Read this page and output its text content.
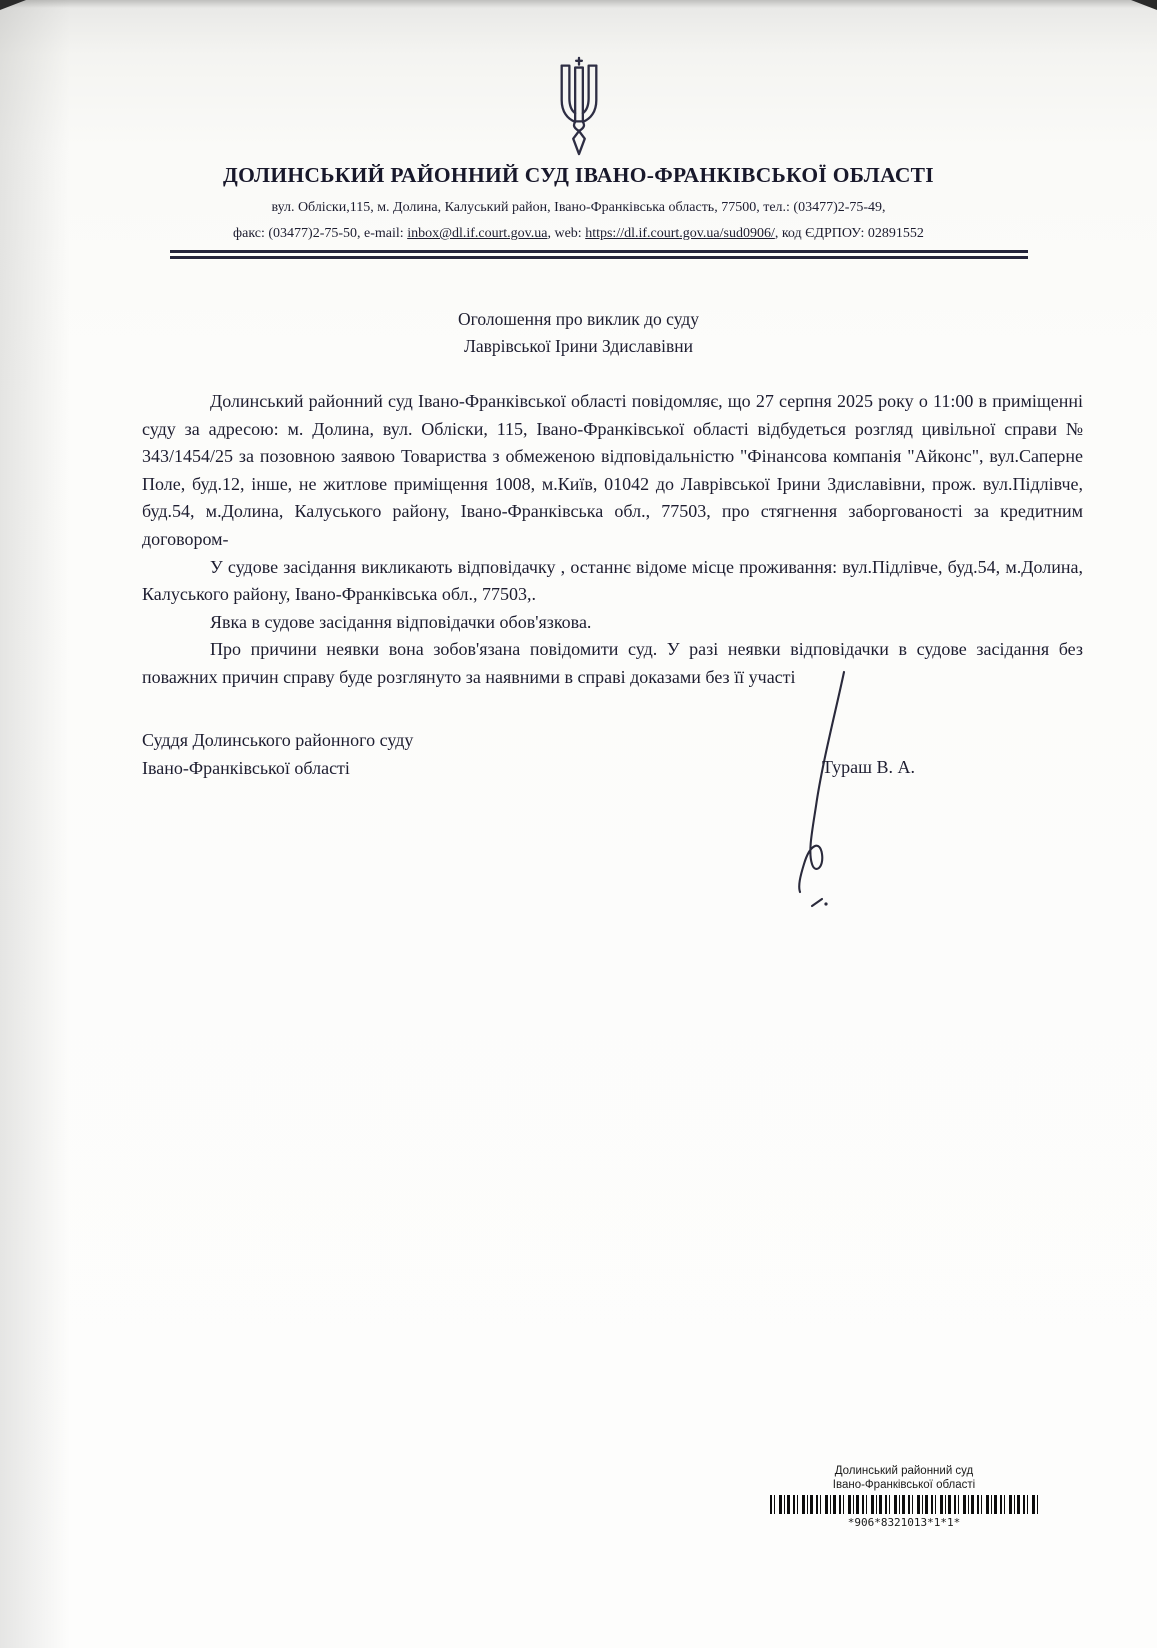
ДОЛИНСЬКИЙ РАЙОННИЙ СУД ІВАНО-ФРАНКІВСЬКОЇ ОБЛАСТІ
вул. Обліски,115, м. Долина, Калуський район, Івано-Франківська область, 77500, тел.: (03477)2-75-49,
факс: (03477)2-75-50, e-mail: inbox@dl.if.court.gov.ua, web: https://dl.if.court.gov.ua/sud0906/, код ЄДРПОУ: 02891552
Оголошення про виклик до суду
Лаврівської Ірини Здиславівни

Долинський районний суд Івано-Франківської області повідомляє, що 27 серпня 2025 року о 11:00 в приміщенні суду за адресою: м. Долина, вул. Обліски, 115, Івано-Франківської області відбудеться розгляд цивільної справи № 343/1454/25 за позовною заявою Товариства з обмеженою відповідальністю "Фінансова компанія "Айконс", вул.Саперне Поле, буд.12, інше, не житлове приміщення 1008, м.Київ, 01042 до Лаврівської Ірини Здиславівни, прож. вул.Підлівче, буд.54, м.Долина, Калуського району, Івано-Франківська обл., 77503, про стягнення заборгованості за кредитним договором-

У судове засідання викликають відповідачку , останнє відоме місце проживання: вул.Підлівче, буд.54, м.Долина, Калуського району, Івано-Франківська обл., 77503,.

Явка в судове засідання відповідачки обов'язкова.

Про причини неявки вона зобов'язана повідомити суд. У разі неявки відповідачки в судове засідання без поважних причин справу буде розглянуто за наявними в справі доказами без її участі

Суддя Долинського районного суду
Івано-Франківської області	Тураш В. А.
Долинський районний суд
Івано-Франківської області
*906*8321013*1*1*
